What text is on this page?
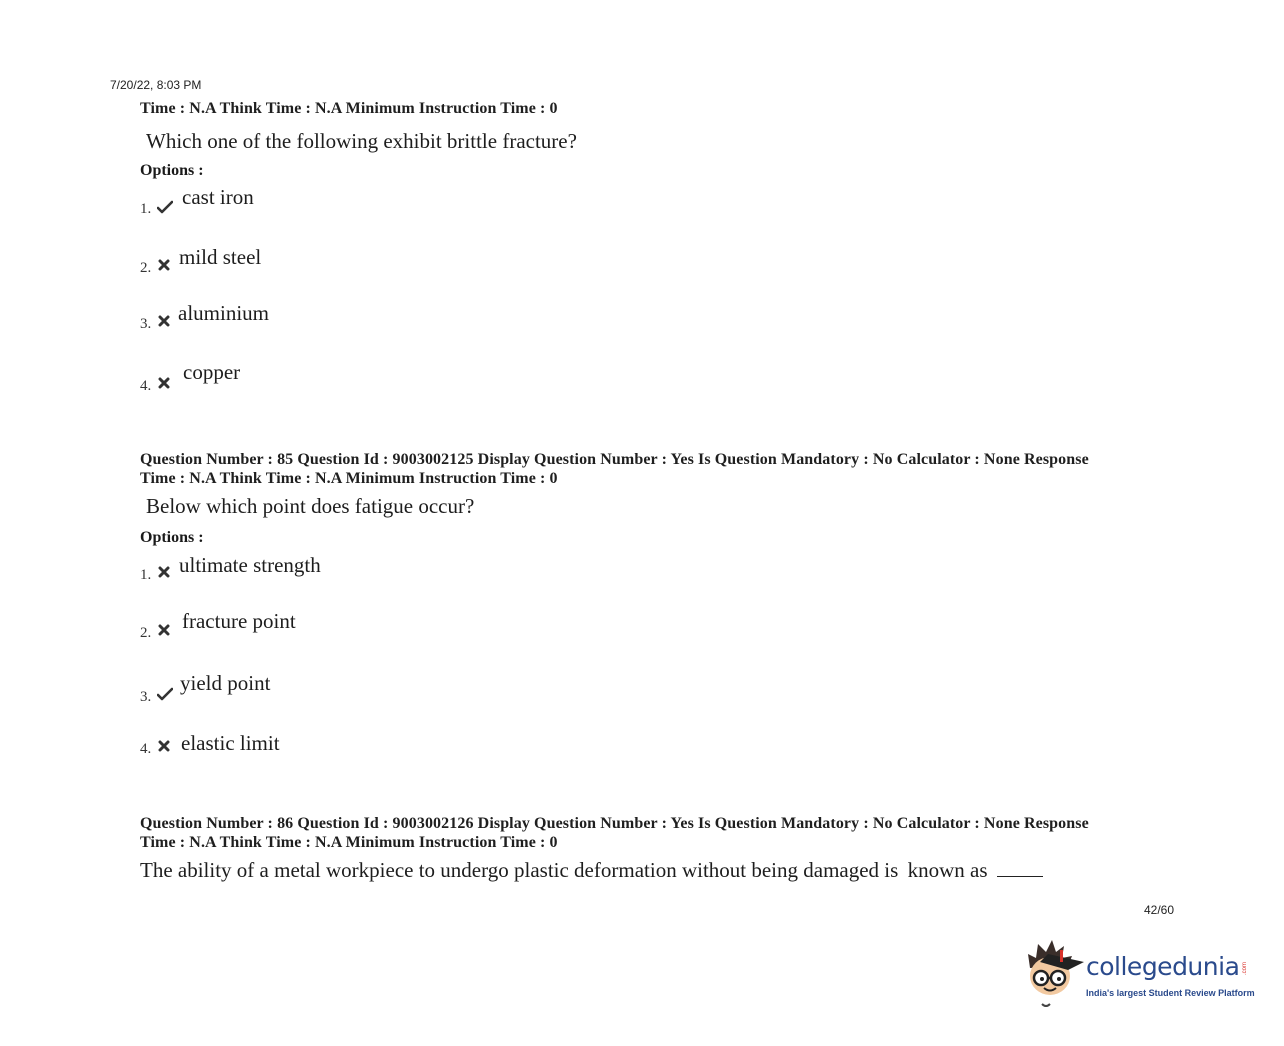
7/20/22, 8:03 PM
Time : N.A Think Time : N.A Minimum Instruction Time : 0
Which one of the following exhibit brittle fracture?
Options :
1. cast iron
2. mild steel
3. aluminium
4.
copper
Question Number : 85 Question Id : 9003002125 Display Question Number : Yes Is Question Mandatory : No Calculator : None Response
Time : N.A Think Time : N.A Minimum Instruction Time : 0
Below which point does fatigue occur?
Options :
1. ultimate strength
2. fracture point
3.
yield point
4. elastic limit
Question Number : 86 Question Id : 9003002126 Display Question Number : Yes Is Question Mandatory : No Calculator : None Response
Time : N.A Think Time : N.A Minimum Instruction Time : 0
The ability of a metal workpiece to undergo plastic deformation without being damaged is known as
42/60
collegedunia .com
India's largest Student Review Platform
